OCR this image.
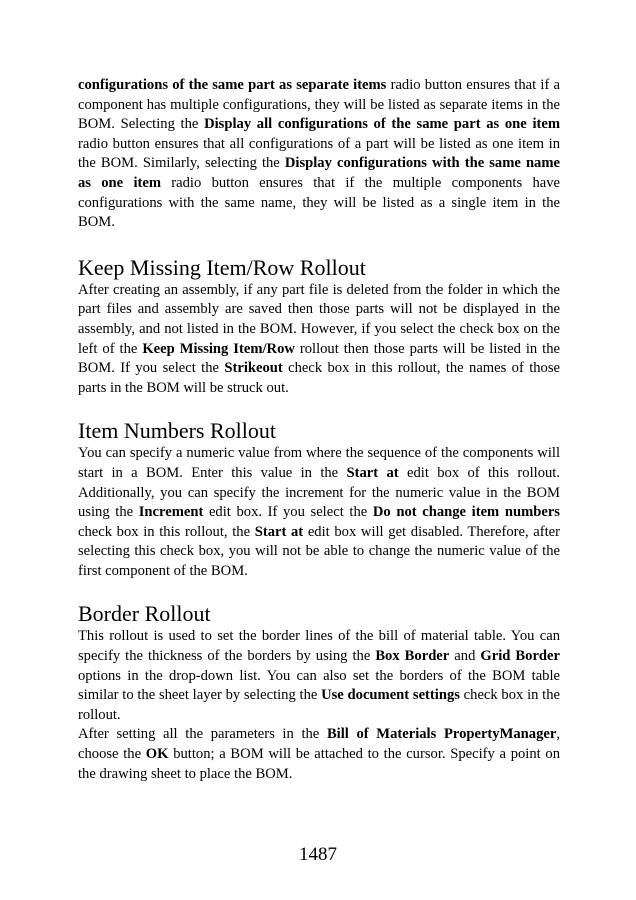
configurations of the same part as separate items radio button ensures that if a component has multiple configurations, they will be listed as separate items in the BOM. Selecting the Display all configurations of the same part as one item radio button ensures that all configurations of a part will be listed as one item in the BOM. Similarly, selecting the Display configurations with the same name as one item radio button ensures that if the multiple components have configurations with the same name, they will be listed as a single item in the BOM.

Keep Missing Item/Row Rollout

After creating an assembly, if any part file is deleted from the folder in which the part files and assembly are saved then those parts will not be displayed in the assembly, and not listed in the BOM. However, if you select the check box on the left of the Keep Missing Item/Row rollout then those parts will be listed in the BOM. If you select the Strikeout check box in this rollout, the names of those parts in the BOM will be struck out.

Item Numbers Rollout

You can specify a numeric value from where the sequence of the components will start in a BOM. Enter this value in the Start at edit box of this rollout. Additionally, you can specify the increment for the numeric value in the BOM using the Increment edit box. If you select the Do not change item numbers check box in this rollout, the Start at edit box will get disabled. Therefore, after selecting this check box, you will not be able to change the numeric value of the first component of the BOM.

Border Rollout

This rollout is used to set the border lines of the bill of material table. You can specify the thickness of the borders by using the Box Border and Grid Border options in the drop-down list. You can also set the borders of the BOM table similar to the sheet layer by selecting the Use document settings check box in the rollout.

After setting all the parameters in the Bill of Materials PropertyManager, choose the OK button; a BOM will be attached to the cursor. Specify a point on the drawing sheet to place the BOM.

1487
